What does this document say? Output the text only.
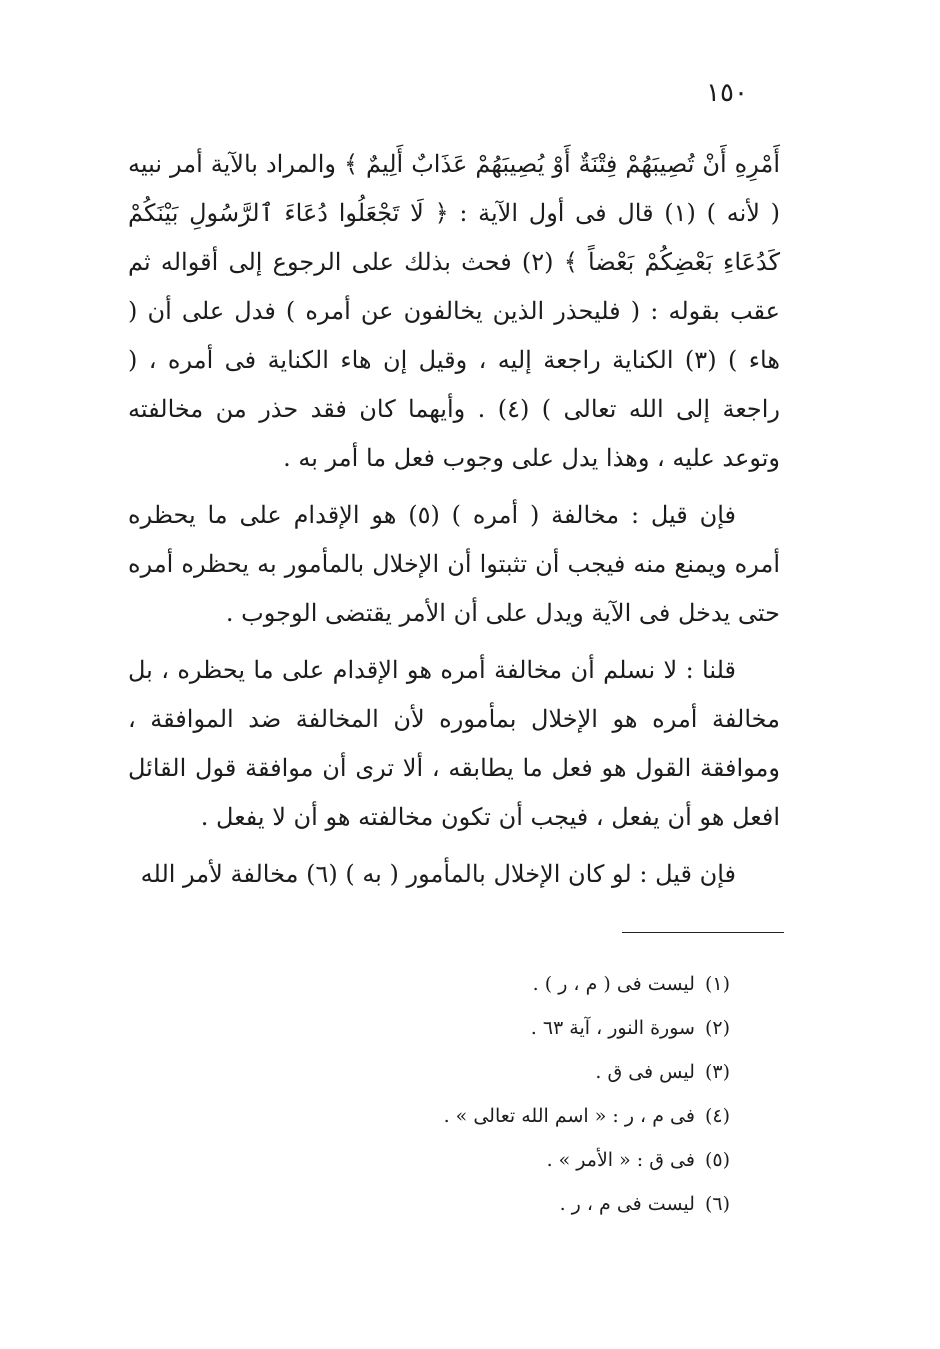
١٥٠

أَمْرِهِ أَنْ تُصِيبَهُمْ فِتْنَةٌ أَوْ يُصِيبَهُمْ عَذَابٌ أَلِيمٌ ﴾ والمراد بالآية أمر نبيه ( لأنه ) (١) قال فى أول الآية : ﴿ لَا تَجْعَلُوا دُعَاءَ ٱلرَّسُولِ بَيْنَكُمْ كَدُعَاءِ بَعْضِكُمْ بَعْضاً ﴾ (٢) فحث بذلك على الرجوع إلى أقواله ثم عقب بقوله : ( فليحذر الذين يخالفون عن أمره ) فدل على أن ( هاء ) (٣) الكناية راجعة إليه ، وقيل إن هاء الكناية فى أمره ، ( راجعة إلى الله تعالى ) (٤) . وأيهما كان فقد حذر من مخالفته وتوعد عليه ، وهذا يدل على وجوب فعل ما أمر به .

فإن قيل : مخالفة ( أمره ) (٥) هو الإقدام على ما يحظره أمره ويمنع منه فيجب أن تثبتوا أن الإخلال بالمأمور به يحظره أمره حتى يدخل فى الآية ويدل على أن الأمر يقتضى الوجوب .

قلنا : لا نسلم أن مخالفة أمره هو الإقدام على ما يحظره ، بل مخالفة أمره هو الإخلال بمأموره لأن المخالفة ضد الموافقة ، وموافقة القول هو فعل ما يطابقه ، ألا ترى أن موافقة قول القائل افعل هو أن يفعل ، فيجب أن تكون مخالفته هو أن لا يفعل .

فإن قيل : لو كان الإخلال بالمأمور ( به ) (٦) مخالفة لأمر الله

(١)ليست فى ( م ، ر ) .
(٢)سورة النور ، آية ٦٣ .
(٣)ليس فى ق .
(٤)فى م ، ر : « اسم الله تعالى » .
(٥)فى ق : « الأمر » .
(٦)ليست فى م ، ر .
